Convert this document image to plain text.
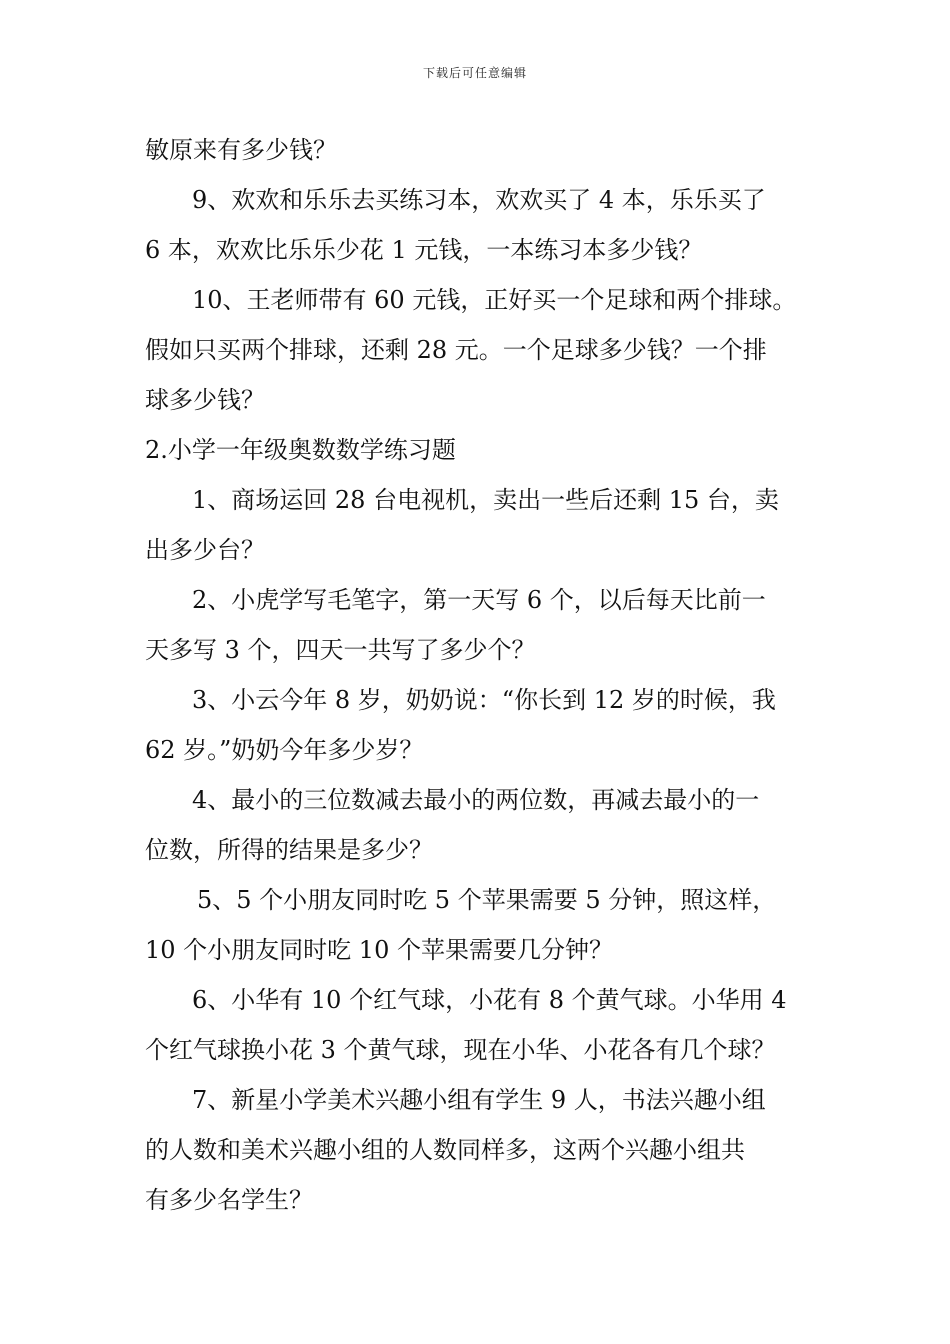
下载后可任意编辑
敏原来有多少钱？
9、欢欢和乐乐去买练习本，欢欢买了 4 本，乐乐买了
6 本，欢欢比乐乐少花 1 元钱，一本练习本多少钱？
10、王老师带有 60 元钱，正好买一个足球和两个排球。
假如只买两个排球，还剩 28 元。一个足球多少钱？一个排
球多少钱？
2.小学一年级奥数数学练习题
1、商场运回 28 台电视机，卖出一些后还剩 15 台，卖
出多少台？
2、小虎学写毛笔字，第一天写 6 个，以后每天比前一
天多写 3 个，四天一共写了多少个？
3、小云今年 8 岁，奶奶说：“你长到 12 岁的时候，我
62 岁。”奶奶今年多少岁？
4、最小的三位数减去最小的两位数，再减去最小的一
位数，所得的结果是多少？
5、5 个小朋友同时吃 5 个苹果需要 5 分钟，照这样，
10 个小朋友同时吃 10 个苹果需要几分钟？
6、小华有 10 个红气球，小花有 8 个黄气球。小华用 4
个红气球换小花 3 个黄气球，现在小华、小花各有几个球？
7、新星小学美术兴趣小组有学生 9 人，书法兴趣小组
的人数和美术兴趣小组的人数同样多，这两个兴趣小组共
有多少名学生？
